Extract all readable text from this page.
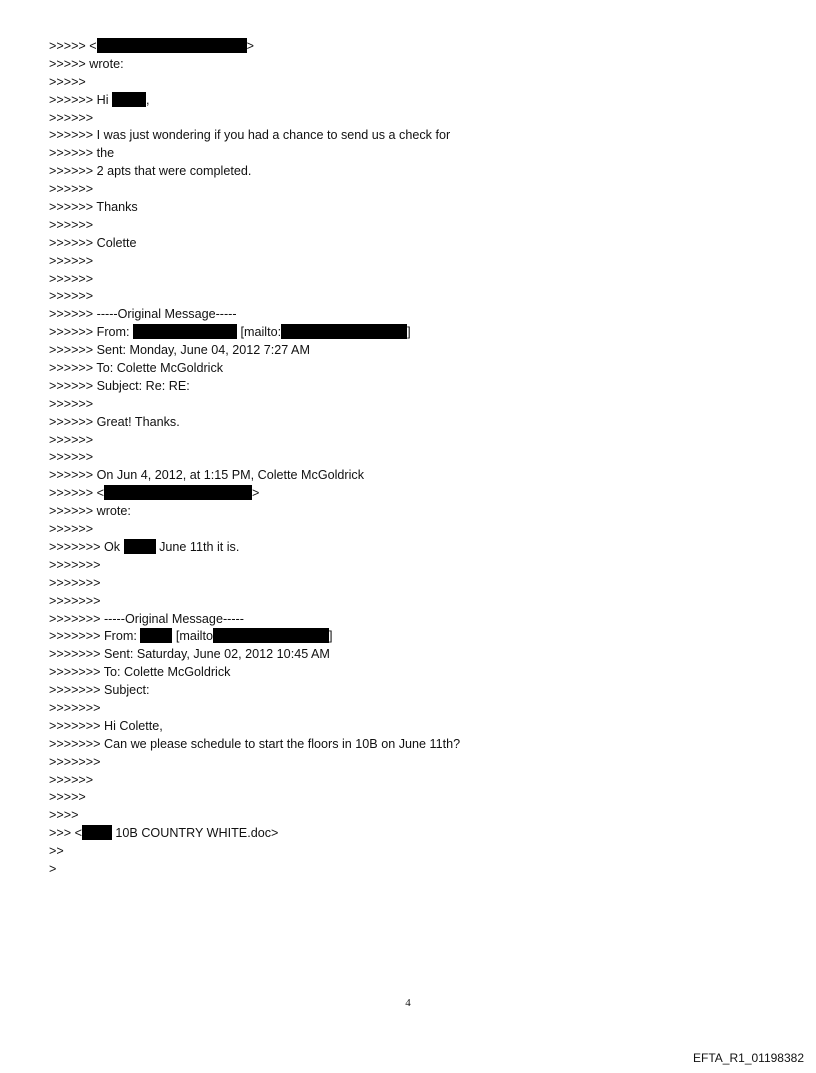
>>>>> <	>
>>>>> wrote:
>>>>>
>>>>>> Hi	,
>>>>>>
>>>>>> I was just wondering if you had a chance to send us a check for
>>>>>> the
>>>>>> 2 apts that were completed.
>>>>>>
>>>>>> Thanks
>>>>>>
>>>>>> Colette
>>>>>>
>>>>>>
>>>>>>
>>>>>> -----Original Message-----
>>>>>> From:	[mailto:	]
>>>>>> Sent: Monday, June 04, 2012 7:27 AM
>>>>>> To: Colette McGoldrick
>>>>>> Subject: Re: RE:
>>>>>>
>>>>>> Great! Thanks.
>>>>>>
>>>>>>
>>>>>> On Jun 4, 2012, at 1:15 PM, Colette McGoldrick
>>>>>> <	>
>>>>>> wrote:
>>>>>>
>>>>>>> Ok	June 11th it is.
>>>>>>>
>>>>>>>
>>>>>>>
>>>>>>> -----Original Message-----
>>>>>>> From:	[mailto	]
>>>>>>> Sent: Saturday, June 02, 2012 10:45 AM
>>>>>>> To: Colette McGoldrick
>>>>>>> Subject:
>>>>>>>
>>>>>>> Hi Colette,
>>>>>>> Can we please schedule to start the floors in 10B on June 11th?
>>>>>>>
>>>>>>
>>>>>
>>>>
>>> < 10B COUNTRY WHITE.doc>
>>
>
4
EFTA_R1_01198382
